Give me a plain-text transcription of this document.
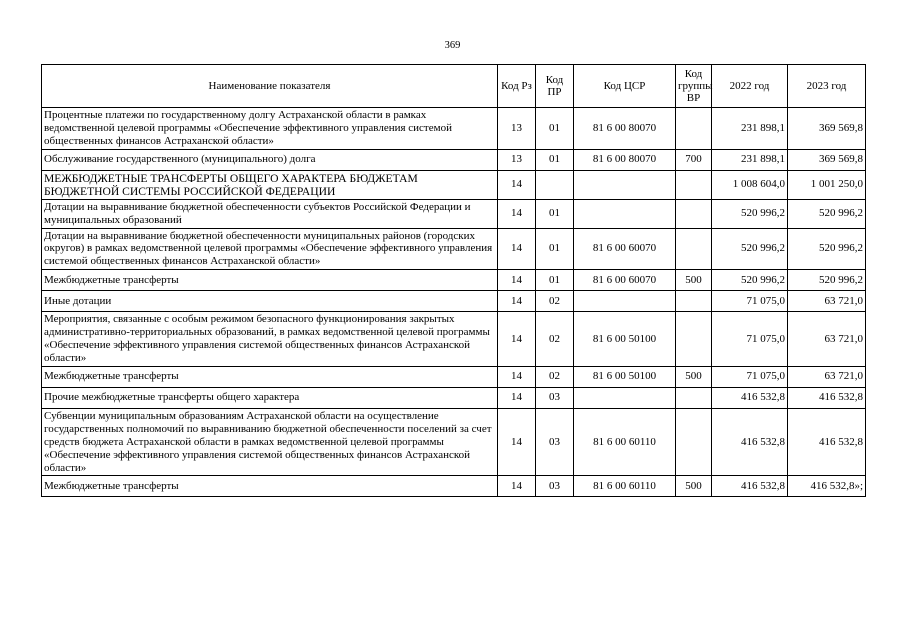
369
Наименование показателя	Код Рз	Код ПР	Код ЦСР	Код группы ВР	2022 год	2023 год
Процентные платежи по государственному долгу Астраханской области в рамках ведомственной целевой программы «Обеспечение эффективного управления системой общественных финансов Астраханской области»	13	01	81 6 00 80070		231 898,1	369 569,8
Обслуживание государственного (муниципального) долга	13	01	81 6 00 80070	700	231 898,1	369 569,8
МЕЖБЮДЖЕТНЫЕ ТРАНСФЕРТЫ ОБЩЕГО ХАРАКТЕРА БЮДЖЕТАМ БЮДЖЕТНОЙ СИСТЕМЫ РОССИЙСКОЙ ФЕДЕРАЦИИ	14				1 008 604,0	1 001 250,0
Дотации на выравнивание бюджетной обеспеченности субъектов Российской Федерации и муниципальных образований	14	01			520 996,2	520 996,2
Дотации на выравнивание бюджетной обеспеченности муниципальных районов (городских округов) в рамках ведомственной целевой программы «Обеспечение эффективного управления системой общественных финансов Астраханской области»	14	01	81 6 00 60070		520 996,2	520 996,2
Межбюджетные трансферты	14	01	81 6 00 60070	500	520 996,2	520 996,2
Иные дотации	14	02			71 075,0	63 721,0
Мероприятия, связанные с особым режимом безопасного функционирования закрытых административно-территориальных образований, в рамках ведомственной целевой программы «Обеспечение эффективного управления системой общественных финансов Астраханской области»	14	02	81 6 00 50100		71 075,0	63 721,0
Межбюджетные трансферты	14	02	81 6 00 50100	500	71 075,0	63 721,0
Прочие межбюджетные трансферты общего характера	14	03			416 532,8	416 532,8
Субвенции муниципальным образованиям Астраханской области на осуществление государственных полномочий по выравниванию бюджетной обеспеченности поселений за счет средств бюджета Астраханской области в рамках ведомственной целевой программы «Обеспечение эффективного управления системой общественных финансов Астраханской области»	14	03	81 6 00 60110		416 532,8	416 532,8
Межбюджетные трансферты	14	03	81 6 00 60110	500	416 532,8	416 532,8»;
